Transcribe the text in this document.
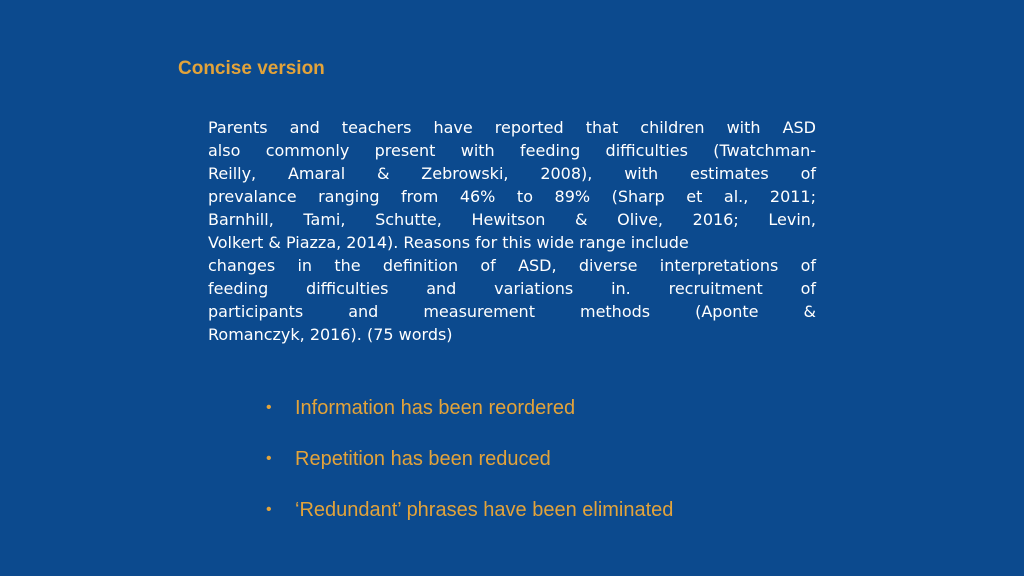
Concise version
Parents and teachers have reported that children with ASD
also commonly present with feeding difficulties (Twatchman-
Reilly, Amaral & Zebrowski, 2008), with estimates of
prevalance ranging from 46% to 89% (Sharp et al., 2011;
Barnhill, Tami, Schutte, Hewitson & Olive, 2016; Levin,
Volkert & Piazza, 2014). Reasons for this wide range include
changes in the definition of ASD, diverse interpretations of
feeding difficulties and variations in. recruitment of
participants and measurement methods (Aponte &
Romanczyk, 2016). (75 words)
•	Information has been reordered
•	Repetition has been reduced
•	‘Redundant’ phrases have been eliminated
